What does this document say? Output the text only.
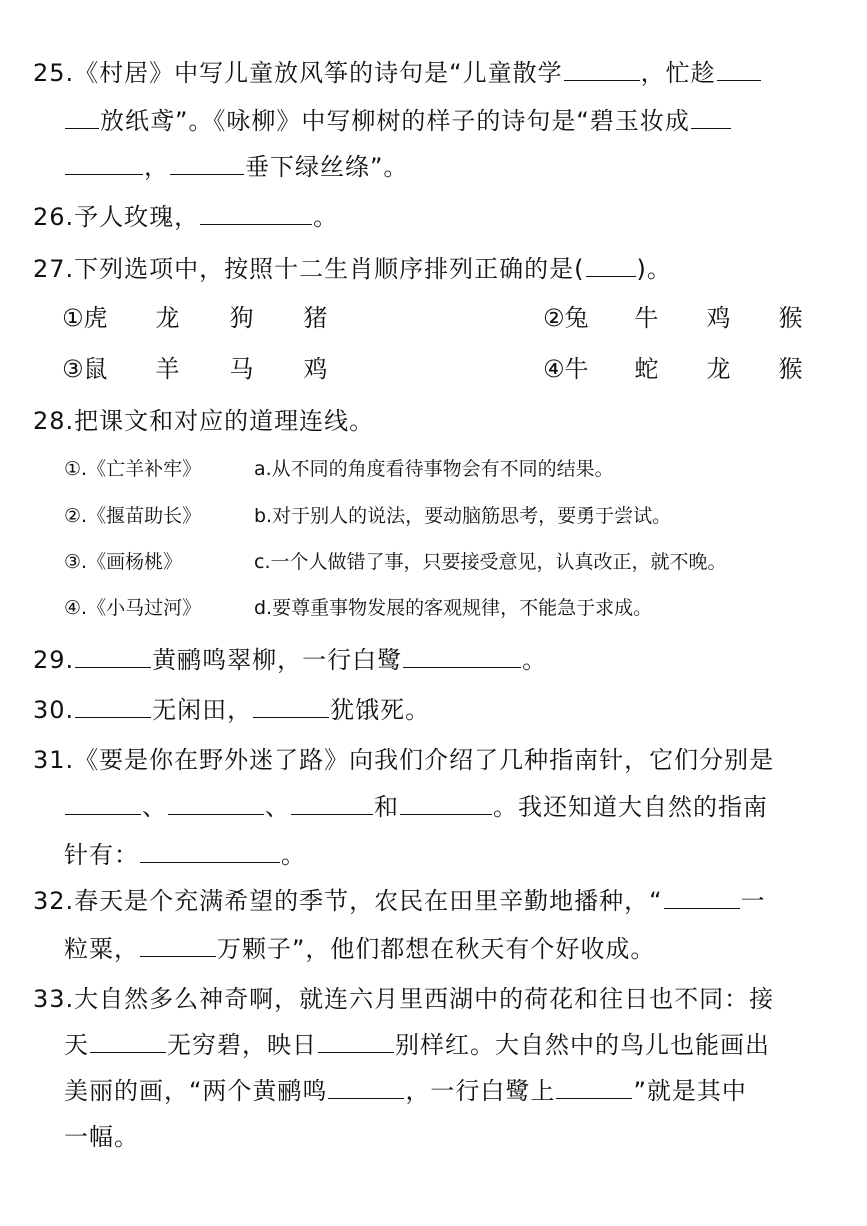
25.《村居》中写儿童放风筝的诗句是“儿童散学	，忙趁
放纸鸢”。《咏柳》中写柳树的样子的诗句是“碧玉妆成
，	垂下绿丝绦”。
26.予人玫瑰，	。
27.下列选项中，按照十二生肖顺序排列正确的是( )。
①虎 龙 狗 猪	②兔 牛 鸡 猴
③鼠 羊 马 鸡	④牛 蛇 龙 猴
28.把课文和对应的道理连线。
①.《亡羊补牢》	a.从不同的角度看待事物会有不同的结果。
②.《揠苗助长》	b.对于别人的说法，要动脑筋思考，要勇于尝试。
③.《画杨桃》	c.一个人做错了事，只要接受意见，认真改正，就不晚。
④.《小马过河》	d.要尊重事物发展的客观规律，不能急于求成。
29.	黄鹂鸣翠柳，一行白鹭	。
30.	无闲田，	犹饿死。
31.《要是你在野外迷了路》向我们介绍了几种指南针，它们分别是
、	、	和	。我还知道大自然的指南
针有：	。
32.春天是个充满希望的季节，农民在田里辛勤地播种，“	一
粒粟，	万颗子”，他们都想在秋天有个好收成。
33.大自然多么神奇啊，就连六月里西湖中的荷花和往日也不同：接
天	无穷碧，映日	别样红。大自然中的鸟儿也能画出
美丽的画，“两个黄鹂鸣	，一行白鹭上	”就是其中
一幅。
